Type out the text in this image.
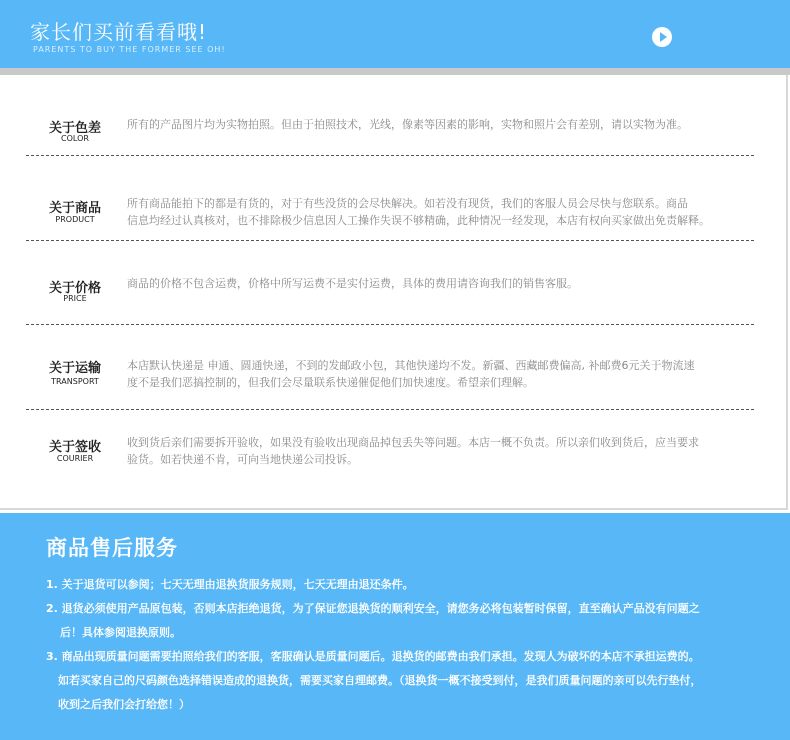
家长们买前看看哦!
PARENTS TO BUY THE FORMER SEE OH!
关于色差
COLOR
所有的产品图片均为实物拍照。但由于拍照技术，光线，像素等因素的影响，实物和照片会有差别，请以实物为准。
关于商品
PRODUCT
所有商品能拍下的都是有货的，对于有些没货的会尽快解决。如若没有现货，我们的客服人员会尽快与您联系。商品
信息均经过认真核对，也不排除极少信息因人工操作失误不够精确，此种情况一经发现，本店有权向买家做出免责解释。
关于价格
PRICE
商品的价格不包含运费，价格中所写运费不是实付运费，具体的费用请咨询我们的销售客服。
关于运输
TRANSPORT
本店默认快递是 申通、圆通快递，不到的发邮政小包，其他快递均不发。新疆、西藏邮费偏高, 补邮费6元关于物流速
度不是我们恶搞控制的，但我们会尽量联系快递催促他们加快速度。希望亲们理解。
关于签收
COURIER
收到货后亲们需要拆开验收，如果没有验收出现商品掉包丢失等问题。本店一概不负责。所以亲们收到货后，应当要求
验货。如若快递不肯，可向当地快递公司投诉。
商品售后服务
1. 关于退货可以参阅；七天无理由退换货服务规则，七天无理由退还条件。
2. 退货必须使用产品原包装，否则本店拒绝退货，为了保证您退换货的顺利安全，请您务必将包装暂时保留，直至确认产品没有问题之
后！具体参阅退换原则。
3. 商品出现质量问题需要拍照给我们的客服，客服确认是质量问题后。退换货的邮费由我们承担。发现人为破坏的本店不承担运费的。
如若买家自己的尺码颜色选择错误造成的退换货，需要买家自理邮费。（退换货一概不接受到付，是我们质量问题的亲可以先行垫付，
收到之后我们会打给您！）
